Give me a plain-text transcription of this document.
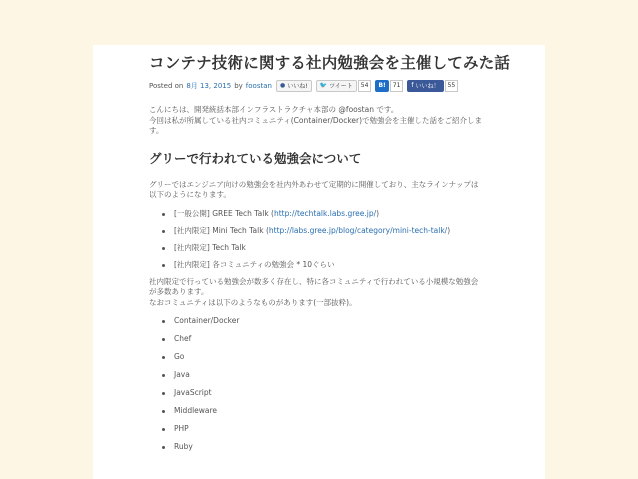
コンテナ技術に関する社内勉強会を主催してみた話
Posted on 8月 13, 2015 by foostan ● いいね! 🐦 ツイート	54	B!	71	f いいね！	55

こんにちは、開発統括本部インフラストラクチャ本部の @foostan です。
今回は私が所属している社内コミュニティ(Container/Docker)で勉強会を主催した話をご紹介しま
す。

グリーで行われている勉強会について

グリーではエンジニア向けの勉強会を社内外あわせて定期的に開催しており、主なラインナップは
以下のようになります。

[一般公開] GREE Tech Talk (http://techtalk.labs.gree.jp/)
[社内限定] Mini Tech Talk (http://labs.gree.jp/blog/category/mini-tech-talk/)
[社内限定] Tech Talk
[社内限定] 各コミュニティの勉強会 * 10ぐらい

社内限定で行っている勉強会が数多く存在し、特に各コミュニティで行われている小規模な勉強会
が多数あります。
なおコミュニティは以下のようなものがあります(一部抜粋)。

Container/Docker
Chef
Go
Java
JavaScript
Middleware
PHP
Ruby
